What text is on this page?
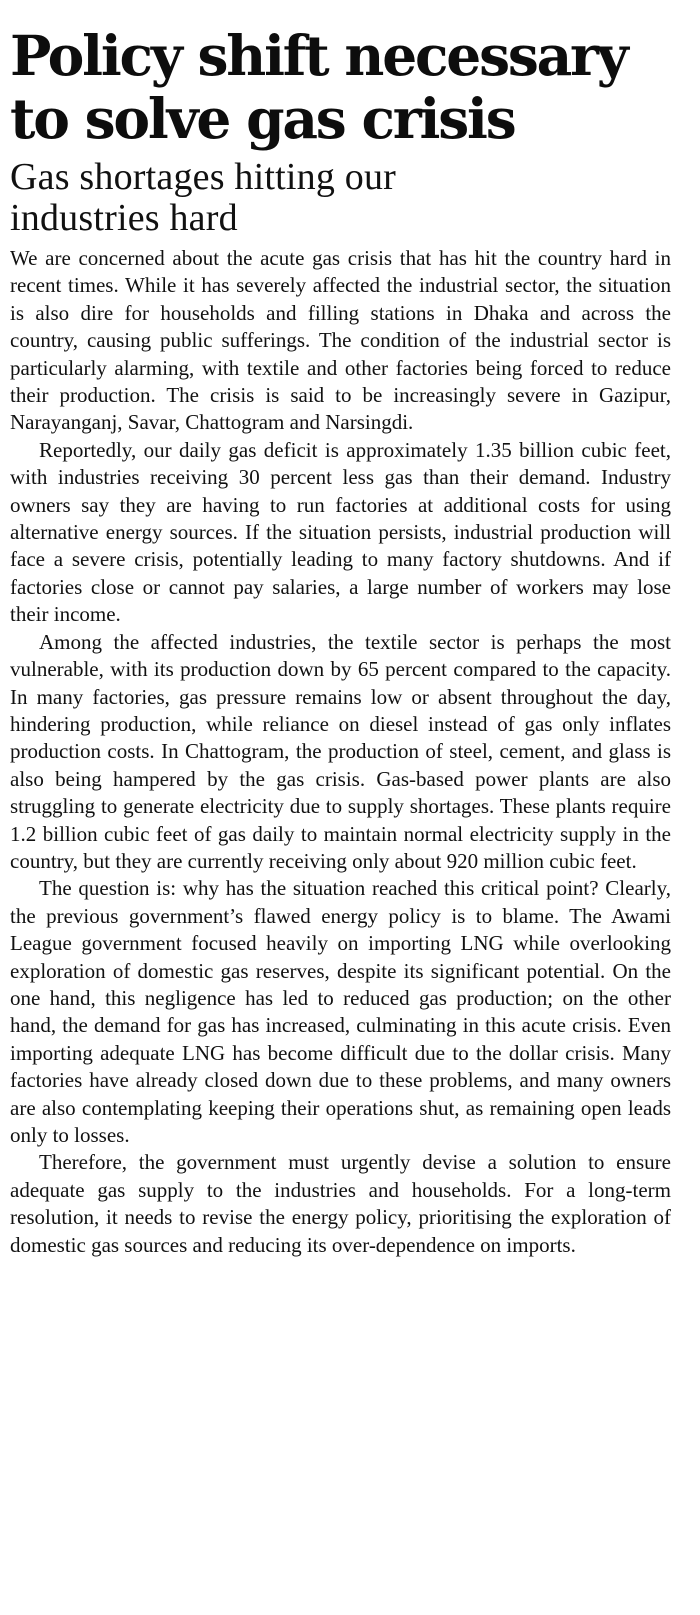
Policy shift necessary
to solve gas crisis
Gas shortages hitting our
industries hard

We are concerned about the acute gas crisis that has hit the country hard in recent times. While it has severely affected the industrial sector, the situation is also dire for households and filling stations in Dhaka and across the country, causing public sufferings. The condition of the industrial sector is particularly alarming, with textile and other factories being forced to reduce their production. The crisis is said to be increasingly severe in Gazipur, Narayanganj, Savar, Chattogram and Narsingdi.

Reportedly, our daily gas deficit is approximately 1.35 billion cubic feet, with industries receiving 30 percent less gas than their demand. Industry owners say they are having to run factories at additional costs for using alternative energy sources. If the situation persists, industrial production will face a severe crisis, potentially leading to many factory shutdowns. And if factories close or cannot pay salaries, a large number of workers may lose their income.

Among the affected industries, the textile sector is perhaps the most vulnerable, with its production down by 65 percent compared to the capacity. In many factories, gas pressure remains low or absent throughout the day, hindering production, while reliance on diesel instead of gas only inflates production costs. In Chattogram, the production of steel, cement, and glass is also being hampered by the gas crisis. Gas-based power plants are also struggling to generate electricity due to supply shortages. These plants require 1.2 billion cubic feet of gas daily to maintain normal electricity supply in the country, but they are currently receiving only about 920 million cubic feet.

The question is: why has the situation reached this critical point? Clearly, the previous government’s flawed energy policy is to blame. The Awami League government focused heavily on importing LNG while overlooking exploration of domestic gas reserves, despite its significant potential. On the one hand, this negligence has led to reduced gas production; on the other hand, the demand for gas has increased, culminating in this acute crisis. Even importing adequate LNG has become difficult due to the dollar crisis. Many factories have already closed down due to these problems, and many owners are also contemplating keeping their operations shut, as remaining open leads only to losses.

Therefore, the government must urgently devise a solution to ensure adequate gas supply to the industries and households. For a long-term resolution, it needs to revise the energy policy, prioritising the exploration of domestic gas sources and reducing its over-dependence on imports.
